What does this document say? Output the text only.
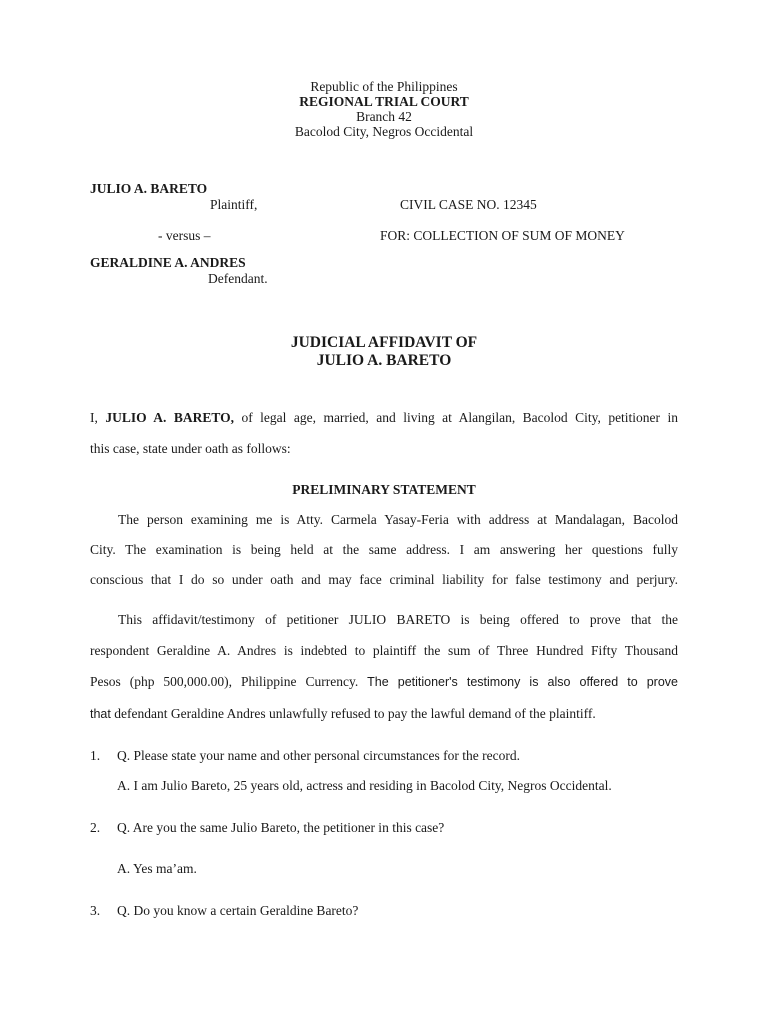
Republic of the Philippines
REGIONAL TRIAL COURT
Branch 42
Bacolod City, Negros Occidental
JULIO A. BARETO
Plaintiff,	CIVIL CASE NO. 12345
- versus –	FOR: COLLECTION OF SUM OF MONEY
GERALDINE A. ANDRES
Defendant.
JUDICIAL AFFIDAVIT OF
JULIO A. BARETO
I, JULIO A. BARETO, of legal age, married, and living at Alangilan, Bacolod City, petitioner in
this case, state under oath as follows:
PRELIMINARY STATEMENT
The person examining me is Atty. Carmela Yasay-Feria with address at Mandalagan, Bacolod
City. The examination is being held at the same address. I am answering her questions fully
conscious that I do so under oath and may face criminal liability for false testimony and perjury.
This affidavit/testimony of petitioner JULIO BARETO is being offered to prove that the
respondent Geraldine A. Andres is indebted to plaintiff the sum of Three Hundred Fifty Thousand
Pesos (php 500,000.00), Philippine Currency. The petitioner's testimony is also offered to prove
that defendant Geraldine Andres unlawfully refused to pay the lawful demand of the plaintiff.
1. Q. Please state your name and other personal circumstances for the record.
A. I am Julio Bareto, 25 years old, actress and residing in Bacolod City, Negros Occidental.
2. Q. Are you the same Julio Bareto, the petitioner in this case?
A. Yes ma’am.
3. Q. Do you know a certain Geraldine Bareto?
